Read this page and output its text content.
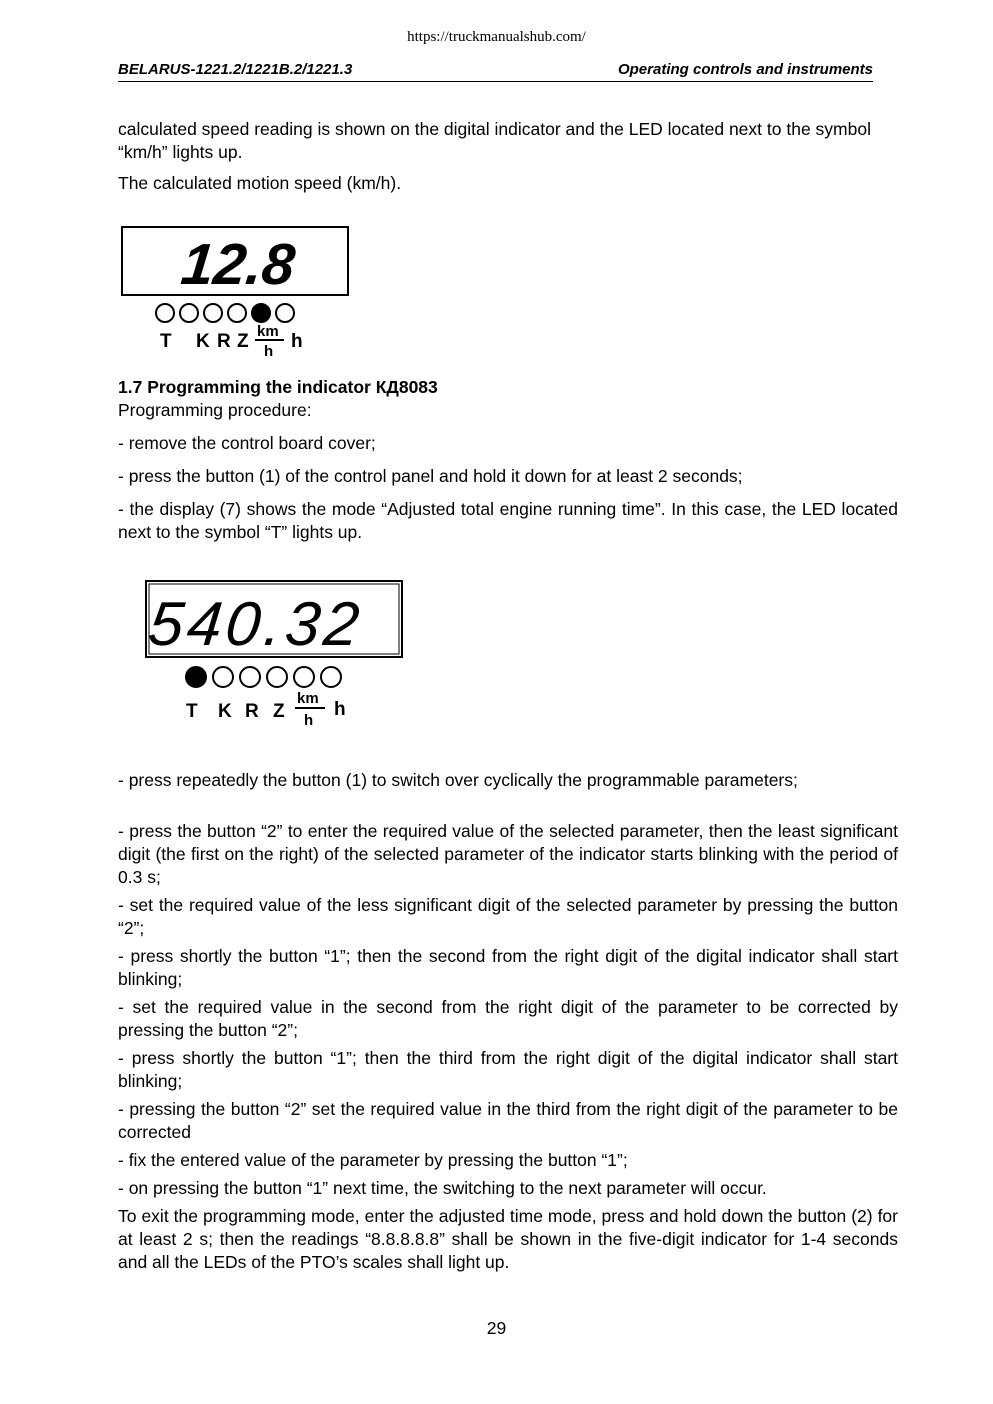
https://truckmanualshub.com/
BELARUS-1221.2/1221B.2/1221.3	Operating controls and instruments
calculated speed reading is shown on the digital indicator and the LED located next to the symbol “km/h” lights up.
The calculated motion speed (km/h).
12.8
T K R Z km
h h
1.7 Programming the indicator КД8083
Programming procedure:
- remove the control board cover;
- press the button (1) of the control panel and hold it down for at least 2 seconds;
- the display (7) shows the mode “Adjusted total engine running time”. In this case, the LED located next to the symbol “T” lights up.
540.32
T K R Z
km
h
h
- press repeatedly the button (1) to switch over cyclically the programmable parameters;
- press the button “2” to enter the required value of the selected parameter, then the least significant digit (the first on the right) of the selected parameter of the indicator starts blinking with the period of 0.3 s;
- set the required value of the less significant digit of the selected parameter by pressing the button “2”;
- press shortly the button “1”; then the second from the right digit of the digital indicator shall start blinking;
- set the required value in the second from the right digit of the parameter to be corrected by pressing the button “2”;
- press shortly the button “1”; then the third from the right digit of the digital indicator shall start blinking;
- pressing the button “2” set the required value in the third from the right digit of the parameter to be corrected
- fix the entered value of the parameter by pressing the button “1”;
- on pressing the button “1” next time, the switching to the next parameter will occur.
To exit the programming mode, enter the adjusted time mode, press and hold down the button (2) for at least 2 s; then the readings “8.8.8.8.8” shall be shown in the five-digit indicator for 1-4 seconds and all the LEDs of the PTO’s scales shall light up.
29
